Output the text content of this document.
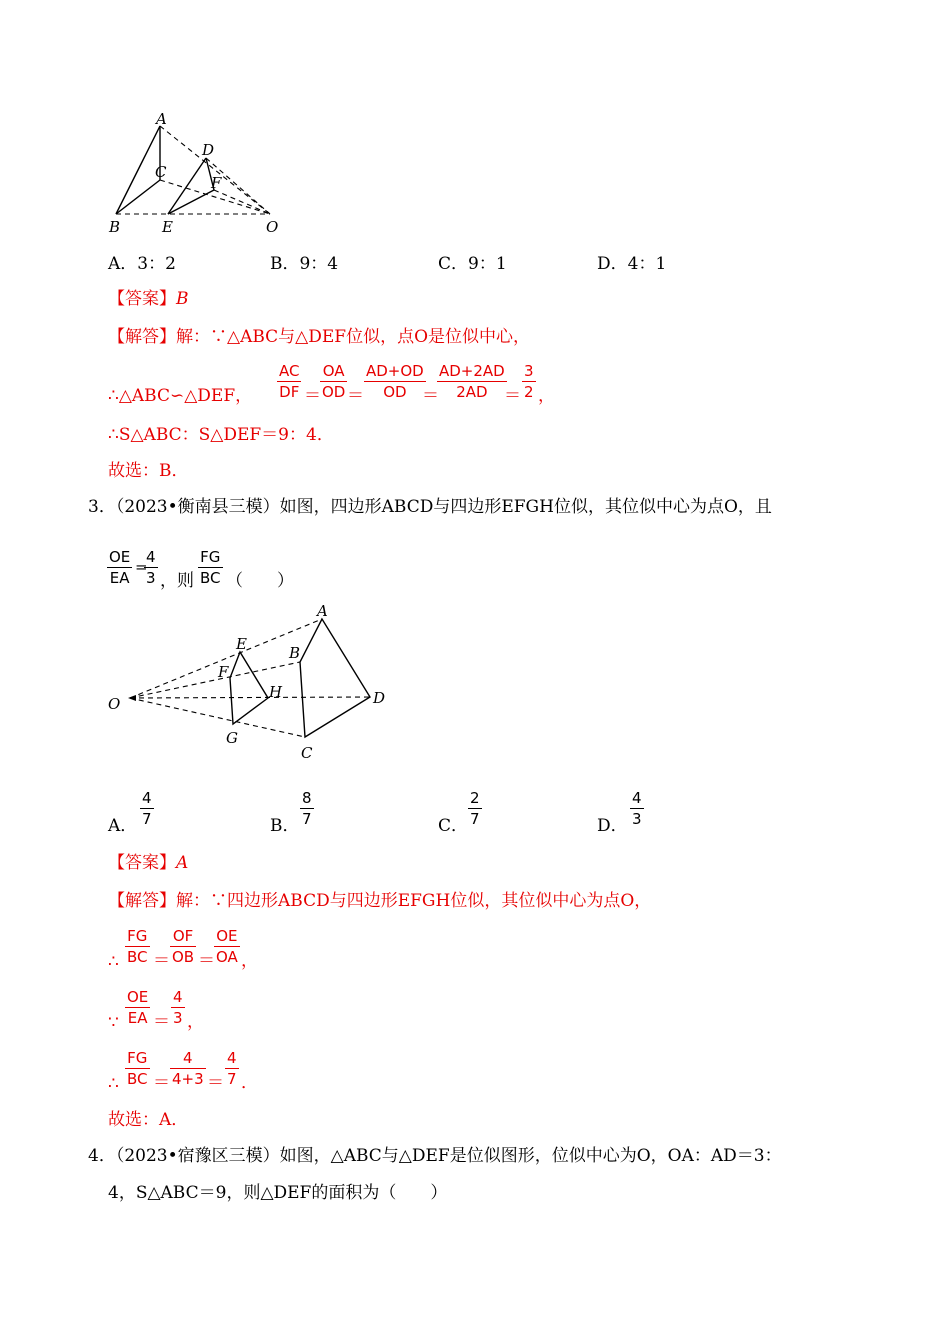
A
B
C
D
E
F
O
A．3：2	B．9：4	C．9：1	D．4：1
【答案】B
【解答】解：∵△ABC与△DEF位似，点O是位似中心，
∴△ABC∽△DEF， $\frac{AC}{DF} = \frac{OA}{OD} = \frac{AD+OD}{OD}$
＝
$\frac{AD+2AD}{2AD}$
＝ $\frac{3}{2}$ ，
∴S△ABC：S△DEF＝9：4．
故选：B．
3．（2023•衡南县三模）如图，四边形ABCD与四边形EFGH位似，其位似中心为点O，且
$\frac{OE}{EA}$ =
$\frac{4}{3}$ ，则 $\frac{FG}{BC}$ （　　）
A
B
C
D
E
F
G
H
O
A． $\frac{4}{7}$	B． $\frac{8}{7}$	C． $\frac{2}{7}$	D． $\frac{4}{3}$
【答案】A
【解答】解：∵四边形ABCD与四边形EFGH位似，其位似中心为点O，
∴ $\frac{FG}{BC} = \frac{OF}{OB} = \frac{OE}{OA}$ ，
∵ $\frac{OE}{EA} = \frac{4}{3}$ ，
∴ $\frac{FG}{BC} = \frac{4}{4+3} = \frac{4}{7}$ ．
故选：A．
4．（2023•宿豫区三模）如图，△ABC与△DEF是位似图形，位似中心为O，OA：AD＝3：
4，S△ABC＝9，则△DEF的面积为（　　）
